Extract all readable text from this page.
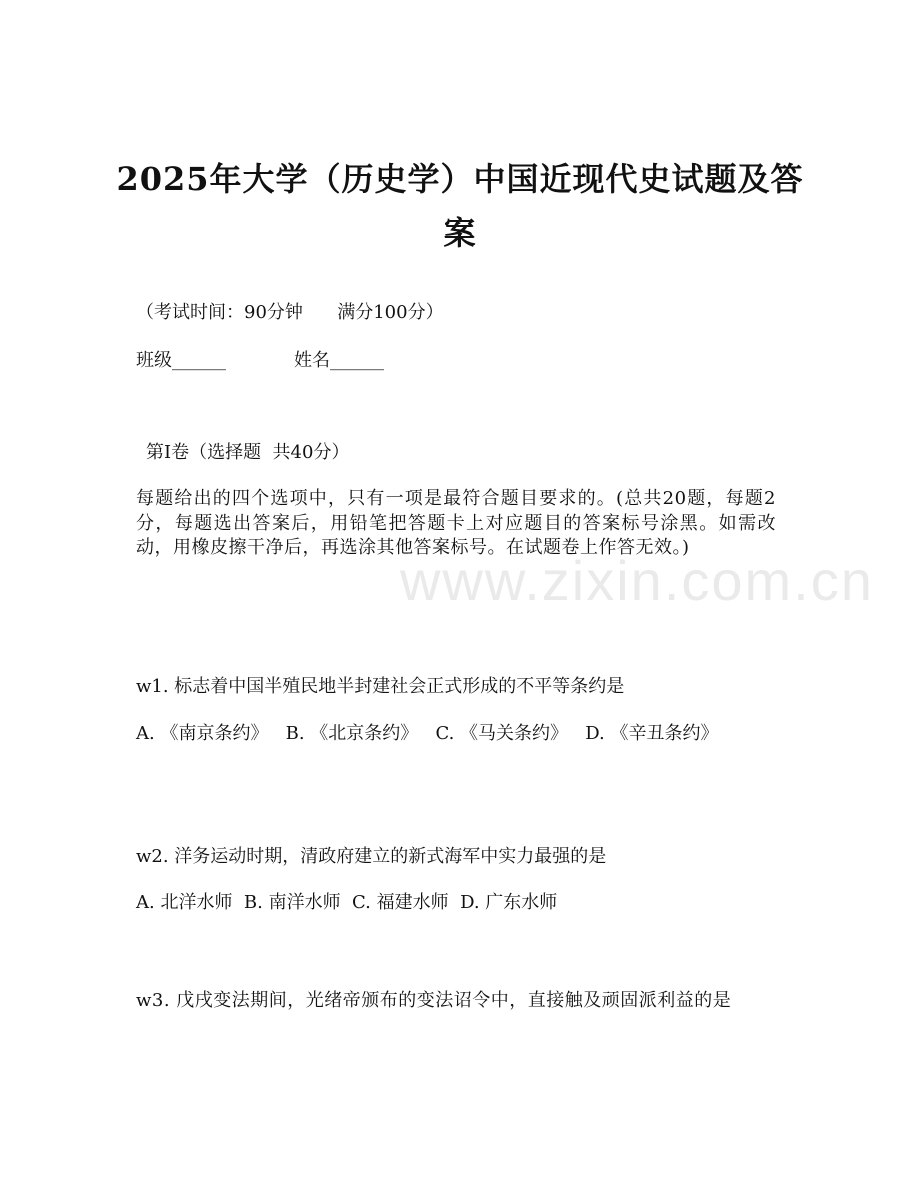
www.zixin.com.cn
2025年大学（历史学）中国近现代史试题及答案
（考试时间：90分钟      满分100分）
班级______	姓名______
第Ⅰ卷（选择题  共40分）
每题给出的四个选项中，只有一项是最符合题目要求的。(总共20题，每题2分，每题选出答案后，用铅笔把答题卡上对应题目的答案标号涂黑。如需改动，用橡皮擦干净后，再选涂其他答案标号。在试题卷上作答无效。)
w1. 标志着中国半殖民地半封建社会正式形成的不平等条约是
A. 《南京条约》 B. 《北京条约》 C. 《马关条约》 D. 《辛丑条约》
w2. 洋务运动时期，清政府建立的新式海军中实力最强的是
A. 北洋水师 B. 南洋水师 C. 福建水师 D. 广东水师
w3. 戊戌变法期间，光绪帝颁布的变法诏令中，直接触及顽固派利益的是
